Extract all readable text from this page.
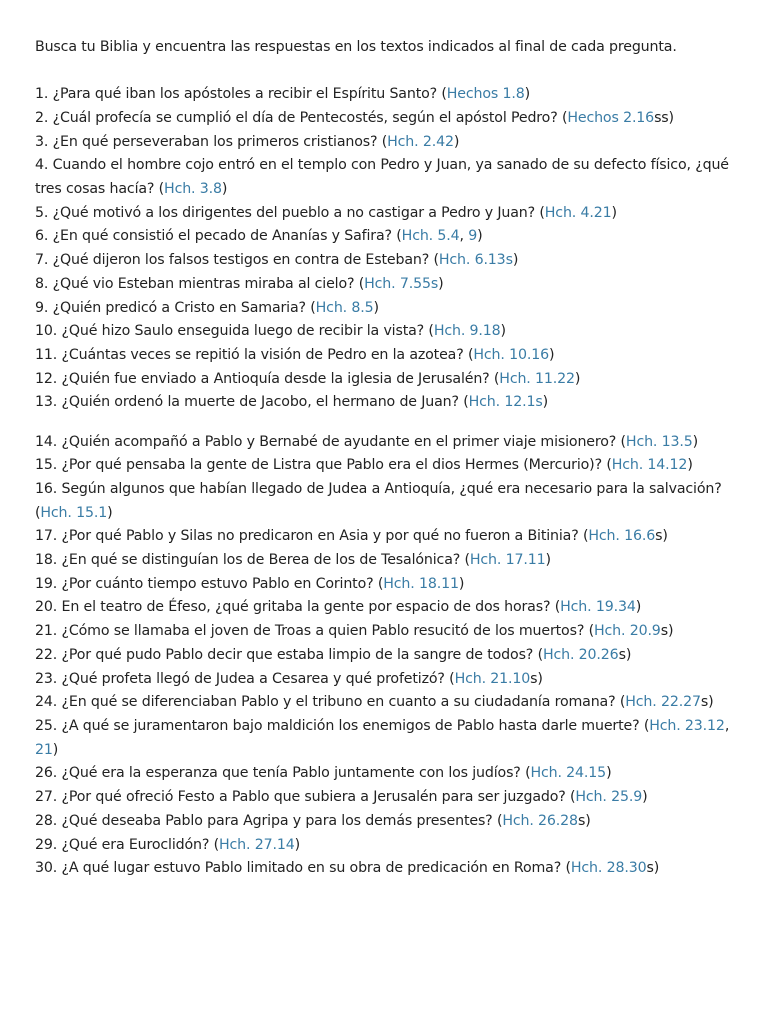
Busca tu Biblia y encuentra las respuestas en los textos indicados al final de cada pregunta.

1. ¿Para qué iban los apóstoles a recibir el Espíritu Santo? (Hechos 1.8)
2. ¿Cuál profecía se cumplió el día de Pentecostés, según el apóstol Pedro? (Hechos 2.16ss)
3. ¿En qué perseveraban los primeros cristianos? (Hch. 2.42)
4. Cuando el hombre cojo entró en el templo con Pedro y Juan, ya sanado de su defecto físico, ¿qué tres cosas hacía? (Hch. 3.8)
5. ¿Qué motivó a los dirigentes del pueblo a no castigar a Pedro y Juan? (Hch. 4.21)
6. ¿En qué consistió el pecado de Ananías y Safira? (Hch. 5.4, 9)
7. ¿Qué dijeron los falsos testigos en contra de Esteban? (Hch. 6.13s)
8. ¿Qué vio Esteban mientras miraba al cielo? (Hch. 7.55s)
9. ¿Quién predicó a Cristo en Samaria? (Hch. 8.5)
10. ¿Qué hizo Saulo enseguida luego de recibir la vista? (Hch. 9.18)
11. ¿Cuántas veces se repitió la visión de Pedro en la azotea? (Hch. 10.16)
12. ¿Quién fue enviado a Antioquía desde la iglesia de Jerusalén? (Hch. 11.22)
13. ¿Quién ordenó la muerte de Jacobo, el hermano de Juan? (Hch. 12.1s)
14. ¿Quién acompañó a Pablo y Bernabé de ayudante en el primer viaje misionero? (Hch. 13.5)
15. ¿Por qué pensaba la gente de Listra que Pablo era el dios Hermes (Mercurio)? (Hch. 14.12)
16. Según algunos que habían llegado de Judea a Antioquía, ¿qué era necesario para la salvación? (Hch. 15.1)
17. ¿Por qué Pablo y Silas no predicaron en Asia y por qué no fueron a Bitinia? (Hch. 16.6s)
18. ¿En qué se distinguían los de Berea de los de Tesalónica? (Hch. 17.11)
19. ¿Por cuánto tiempo estuvo Pablo en Corinto? (Hch. 18.11)
20. En el teatro de Éfeso, ¿qué gritaba la gente por espacio de dos horas? (Hch. 19.34)
21. ¿Cómo se llamaba el joven de Troas a quien Pablo resucitó de los muertos? (Hch. 20.9s)
22. ¿Por qué pudo Pablo decir que estaba limpio de la sangre de todos? (Hch. 20.26s)
23. ¿Qué profeta llegó de Judea a Cesarea y qué profetizó? (Hch. 21.10s)
24. ¿En qué se diferenciaban Pablo y el tribuno en cuanto a su ciudadanía romana? (Hch. 22.27s)
25. ¿A qué se juramentaron bajo maldición los enemigos de Pablo hasta darle muerte? (Hch. 23.12, 21)
26. ¿Qué era la esperanza que tenía Pablo juntamente con los judíos? (Hch. 24.15)
27. ¿Por qué ofreció Festo a Pablo que subiera a Jerusalén para ser juzgado? (Hch. 25.9)
28. ¿Qué deseaba Pablo para Agripa y para los demás presentes? (Hch. 26.28s)
29. ¿Qué era Euroclidón? (Hch. 27.14)
30. ¿A qué lugar estuvo Pablo limitado en su obra de predicación en Roma? (Hch. 28.30s)
